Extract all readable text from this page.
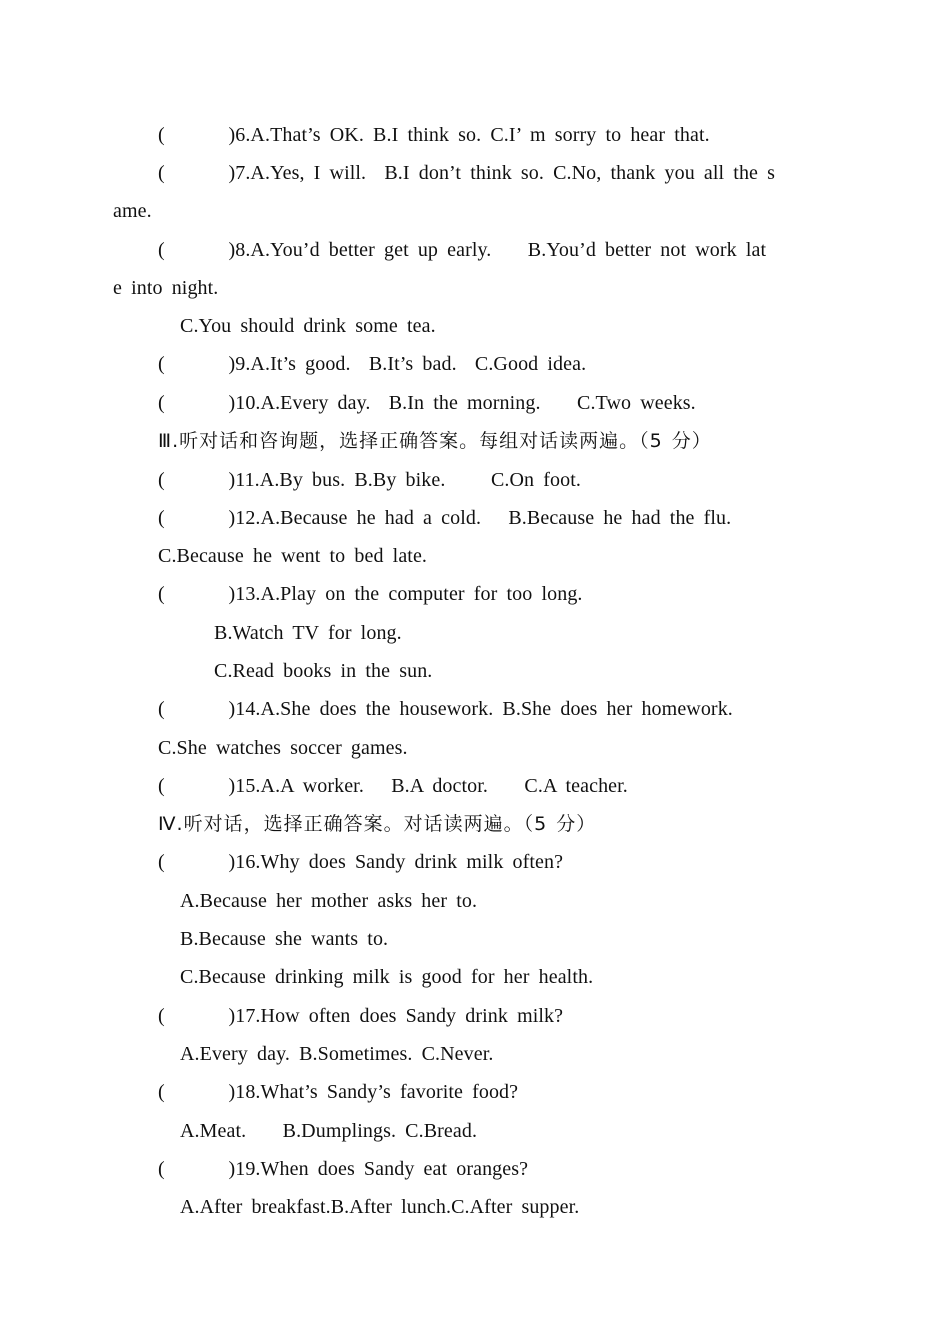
(       )6.A.That’s OK. B.I think so. C.I’ m sorry to hear that.
(       )7.A.Yes, I will.  B.I don’t think so. C.No, thank you all the s
ame.
(       )8.A.You’d better get up early.    B.You’d better not work lat
e into night.
C.You should drink some tea.
(       )9.A.It’s good.  B.It’s bad.  C.Good idea.
(       )10.A.Every day.  B.In the morning.    C.Two weeks.
Ⅲ.听对话和咨询题，选择正确答案。每组对话读两遍。（5 分）
(       )11.A.By bus. B.By bike.     C.On foot.
(       )12.A.Because he had a cold.   B.Because he had the flu.
C.Because he went to bed late.
(       )13.A.Play on the computer for too long.
B.Watch TV for long.
C.Read books in the sun.
(       )14.A.She does the housework. B.She does her homework.
C.She watches soccer games.
(       )15.A.A worker.   B.A doctor.    C.A teacher.
Ⅳ.听对话，选择正确答案。对话读两遍。（5 分）
(       )16.Why does Sandy drink milk often?
A.Because her mother asks her to.
B.Because she wants to.
C.Because drinking milk is good for her health.
(       )17.How often does Sandy drink milk?
A.Every day. B.Sometimes. C.Never.
(       )18.What’s Sandy’s favorite food?
A.Meat.    B.Dumplings. C.Bread.
(       )19.When does Sandy eat oranges?
A.After breakfast.B.After lunch.C.After supper.
